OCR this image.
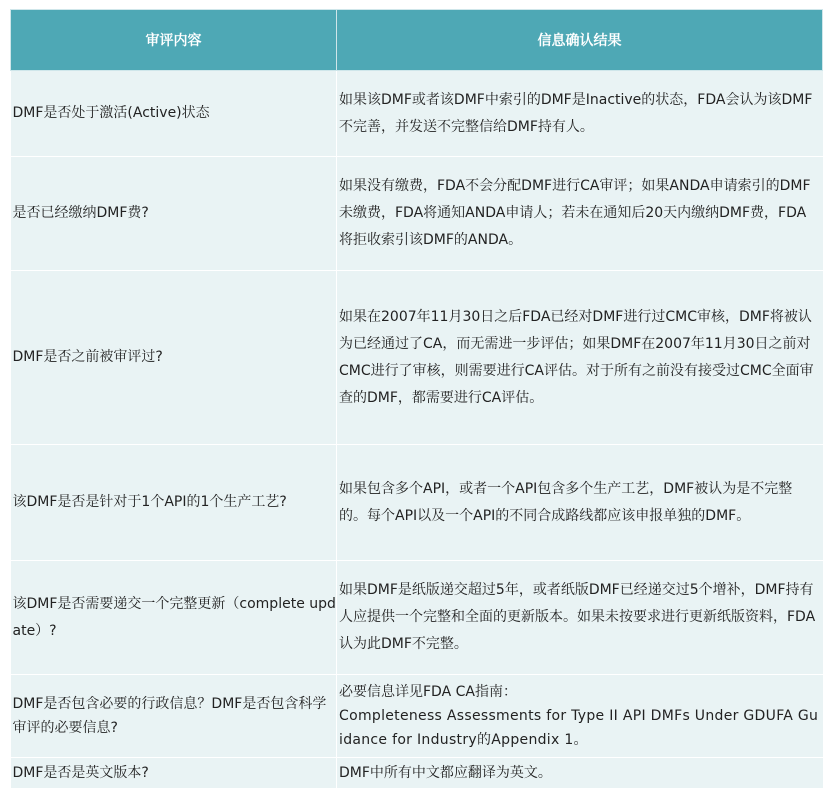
审评内容	信息确认结果

DMF是否处于激活(Active)状态	如果该DMF或者该DMF中索引的DMF是Inactive的状态，FDA会认为该DMF不完善，并发送不完整信给DMF持有人。

是否已经缴纳DMF费?	如果没有缴费，FDA不会分配DMF进行CA审评；如果ANDA申请索引的DMF未缴费，FDA将通知ANDA申请人；若未在通知后20天内缴纳DMF费，FDA将拒收索引该DMF的ANDA。

DMF是否之前被审评过?	如果在2007年11月30日之后FDA已经对DMF进行过CMC审核，DMF将被认为已经通过了CA，而无需进一步评估；如果DMF在2007年11月30日之前对CMC进行了审核，则需要进行CA评估。对于所有之前没有接受过CMC全面审查的DMF，都需要进行CA评估。

该DMF是否是针对于1个API的1个生产工艺?	如果包含多个API，或者一个API包含多个生产工艺，DMF被认为是不完整的。每个API以及一个API的不同合成路线都应该申报单独的DMF。

该DMF是否需要递交一个完整更新（complete update）?	如果DMF是纸版递交超过5年，或者纸版DMF已经递交过5个增补，DMF持有人应提供一个完整和全面的更新版本。如果未按要求进行更新纸版资料，FDA认为此DMF不完整。

DMF是否包含必要的行政信息？DMF是否包含科学审评的必要信息?	必要信息详见FDA CA指南：
Completeness Assessments for Type II API DMFs Under GDUFA Guidance for Industry的Appendix 1。

DMF是否是英文版本?	DMF中所有中文都应翻译为英文。
